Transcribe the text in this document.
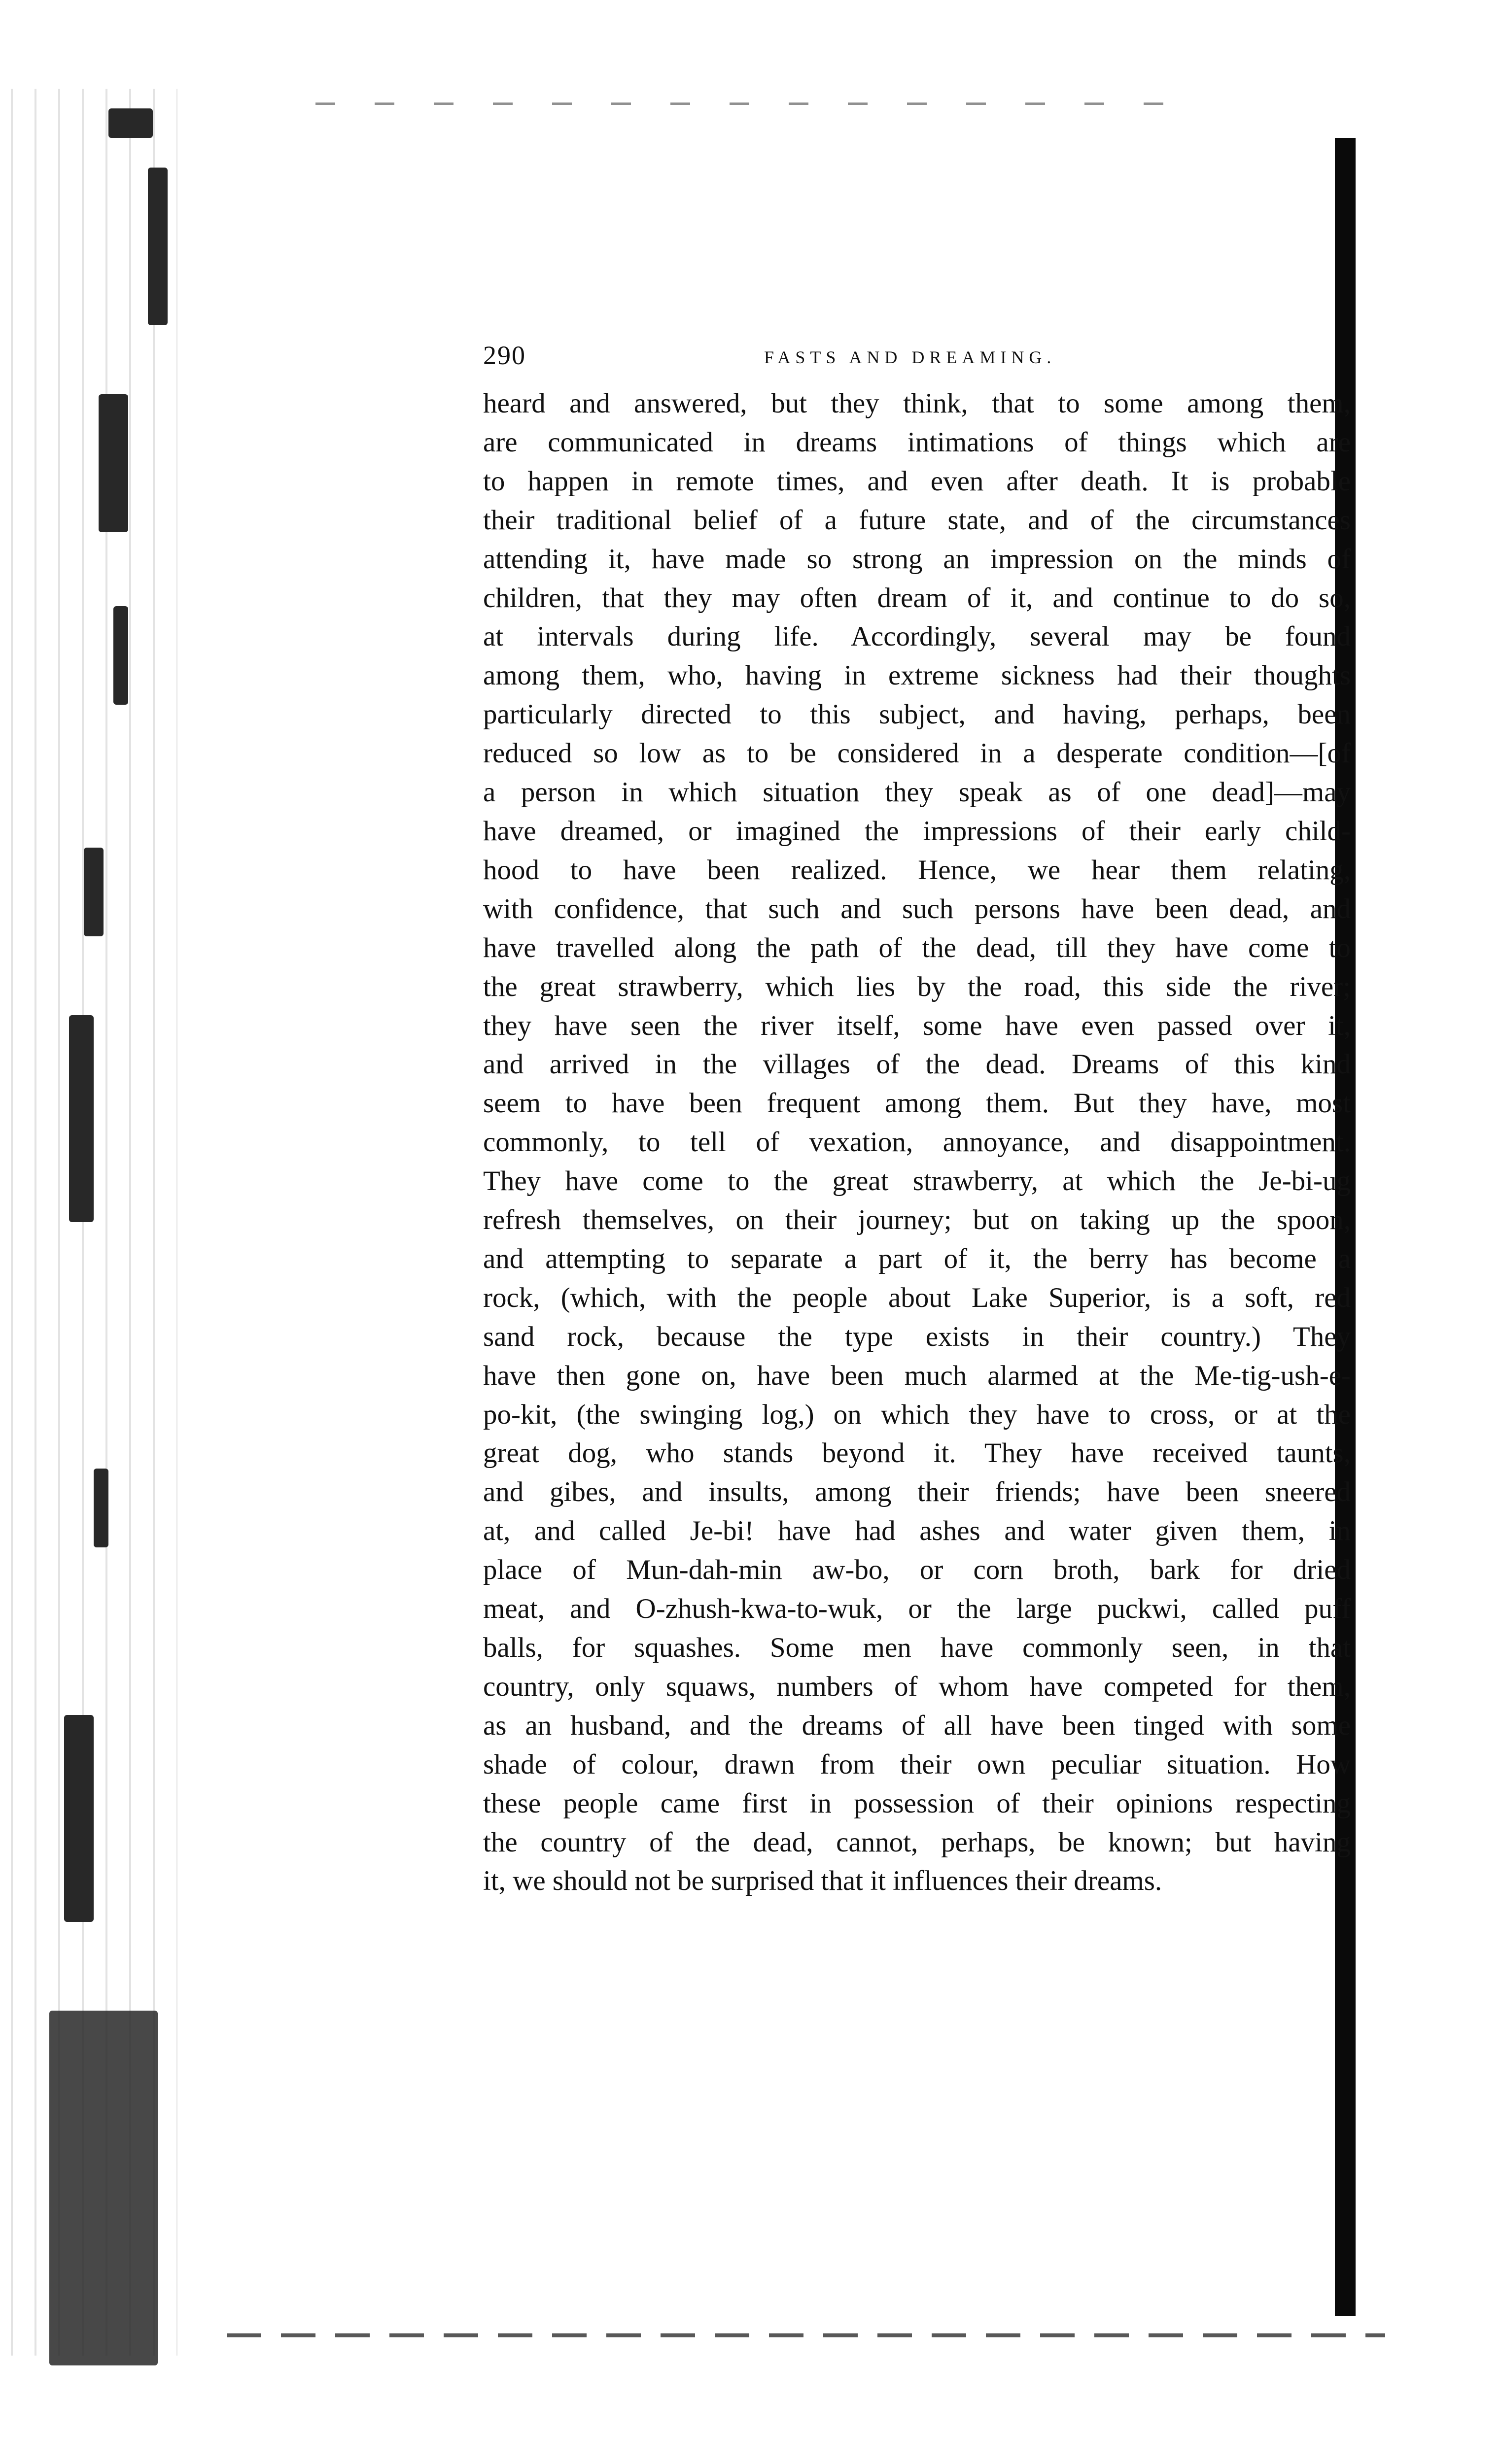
290	FASTS AND DREAMING.
heard and answered, but they think, that to some among them,
are communicated in dreams intimations of things which are
to happen in remote times, and even after death. It is probable
their traditional belief of a future state, and of the circumstances
attending it, have made so strong an impression on the minds of
children, that they may often dream of it, and continue to do so,
at intervals during life. Accordingly, several may be found
among them, who, having in extreme sickness had their thoughts
particularly directed to this subject, and having, perhaps, been
reduced so low as to be considered in a desperate condition—[of
a person in which situation they speak as of one dead]—may
have dreamed, or imagined the impressions of their early child-
hood to have been realized. Hence, we hear them relating,
with confidence, that such and such persons have been dead, and
have travelled along the path of the dead, till they have come to
the great strawberry, which lies by the road, this side the river;
they have seen the river itself, some have even passed over it,
and arrived in the villages of the dead. Dreams of this kind
seem to have been frequent among them. But they have, most
commonly, to tell of vexation, annoyance, and disappointment.
They have come to the great strawberry, at which the Je-bi-ug
refresh themselves, on their journey; but on taking up the spoon,
and attempting to separate a part of it, the berry has become a
rock, (which, with the people about Lake Superior, is a soft, red
sand rock, because the type exists in their country.) They
have then gone on, have been much alarmed at the Me-tig-ush-e-
po-kit, (the swinging log,) on which they have to cross, or at the
great dog, who stands beyond it. They have received taunts,
and gibes, and insults, among their friends; have been sneered
at, and called Je-bi! have had ashes and water given them, in
place of Mun-dah-min aw-bo, or corn broth, bark for dried
meat, and O-zhush-kwa-to-wuk, or the large puckwi, called puff
balls, for squashes. Some men have commonly seen, in that
country, only squaws, numbers of whom have competed for them,
as an husband, and the dreams of all have been tinged with some
shade of colour, drawn from their own peculiar situation. How
these people came first in possession of their opinions respecting
the country of the dead, cannot, perhaps, be known; but having
it, we should not be surprised that it influences their dreams.
